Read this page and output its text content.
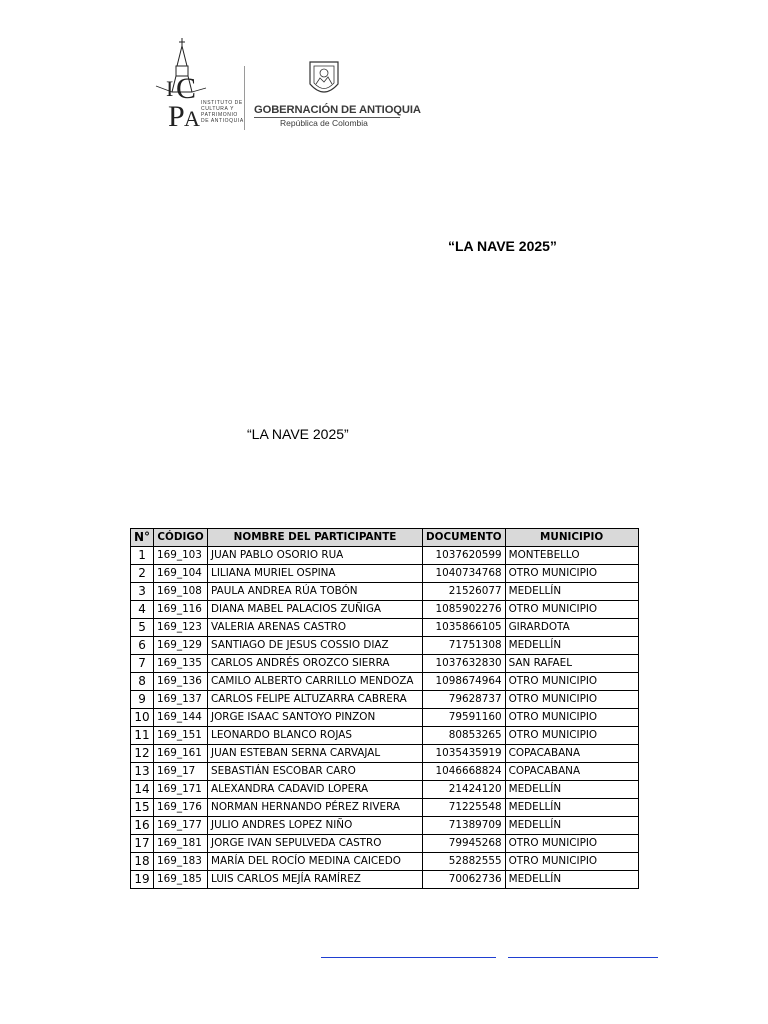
I C
P A
INSTITUTO DE
CULTURA Y
PATRIMONIO
DE ANTIOQUIA
GOBERNACIÓN DE ANTIOQUIA
República de Colombia
“LA NAVE 2025”
“LA NAVE 2025”
N°	CÓDIGO	NOMBRE DEL PARTICIPANTE	DOCUMENTO	MUNICIPIO
1	169_103	JUAN PABLO OSORIO RUA	1037620599	MONTEBELLO
2	169_104	LILIANA MURIEL OSPINA	1040734768	OTRO MUNICIPIO
3	169_108	PAULA ANDREA RÚA TOBÓN	21526077	MEDELLÍN
4	169_116	DIANA MABEL PALACIOS ZUÑIGA	1085902276	OTRO MUNICIPIO
5	169_123	VALERIA ARENAS CASTRO	1035866105	GIRARDOTA
6	169_129	SANTIAGO DE JESUS COSSIO DIAZ	71751308	MEDELLÍN
7	169_135	CARLOS ANDRÉS OROZCO SIERRA	1037632830	SAN RAFAEL
8	169_136	CAMILO ALBERTO CARRILLO MENDOZA	1098674964	OTRO MUNICIPIO
9	169_137	CARLOS FELIPE ALTUZARRA CABRERA	79628737	OTRO MUNICIPIO
10	169_144	JORGE ISAAC SANTOYO PINZON	79591160	OTRO MUNICIPIO
11	169_151	LEONARDO BLANCO ROJAS	80853265	OTRO MUNICIPIO
12	169_161	JUAN ESTEBAN SERNA CARVAJAL	1035435919	COPACABANA
13	169_17	SEBASTIÁN ESCOBAR CARO	1046668824	COPACABANA
14	169_171	ALEXANDRA CADAVID LOPERA	21424120	MEDELLÍN
15	169_176	NORMAN HERNANDO PÉREZ RIVERA	71225548	MEDELLÍN
16	169_177	JULIO ANDRES LOPEZ NIÑO	71389709	MEDELLÍN
17	169_181	JORGE IVAN SEPULVEDA CASTRO	79945268	OTRO MUNICIPIO
18	169_183	MARÍA DEL ROCÍO MEDINA CAICEDO	52882555	OTRO MUNICIPIO
19	169_185	LUIS CARLOS MEJÍA RAMÍREZ	70062736	MEDELLÍN
